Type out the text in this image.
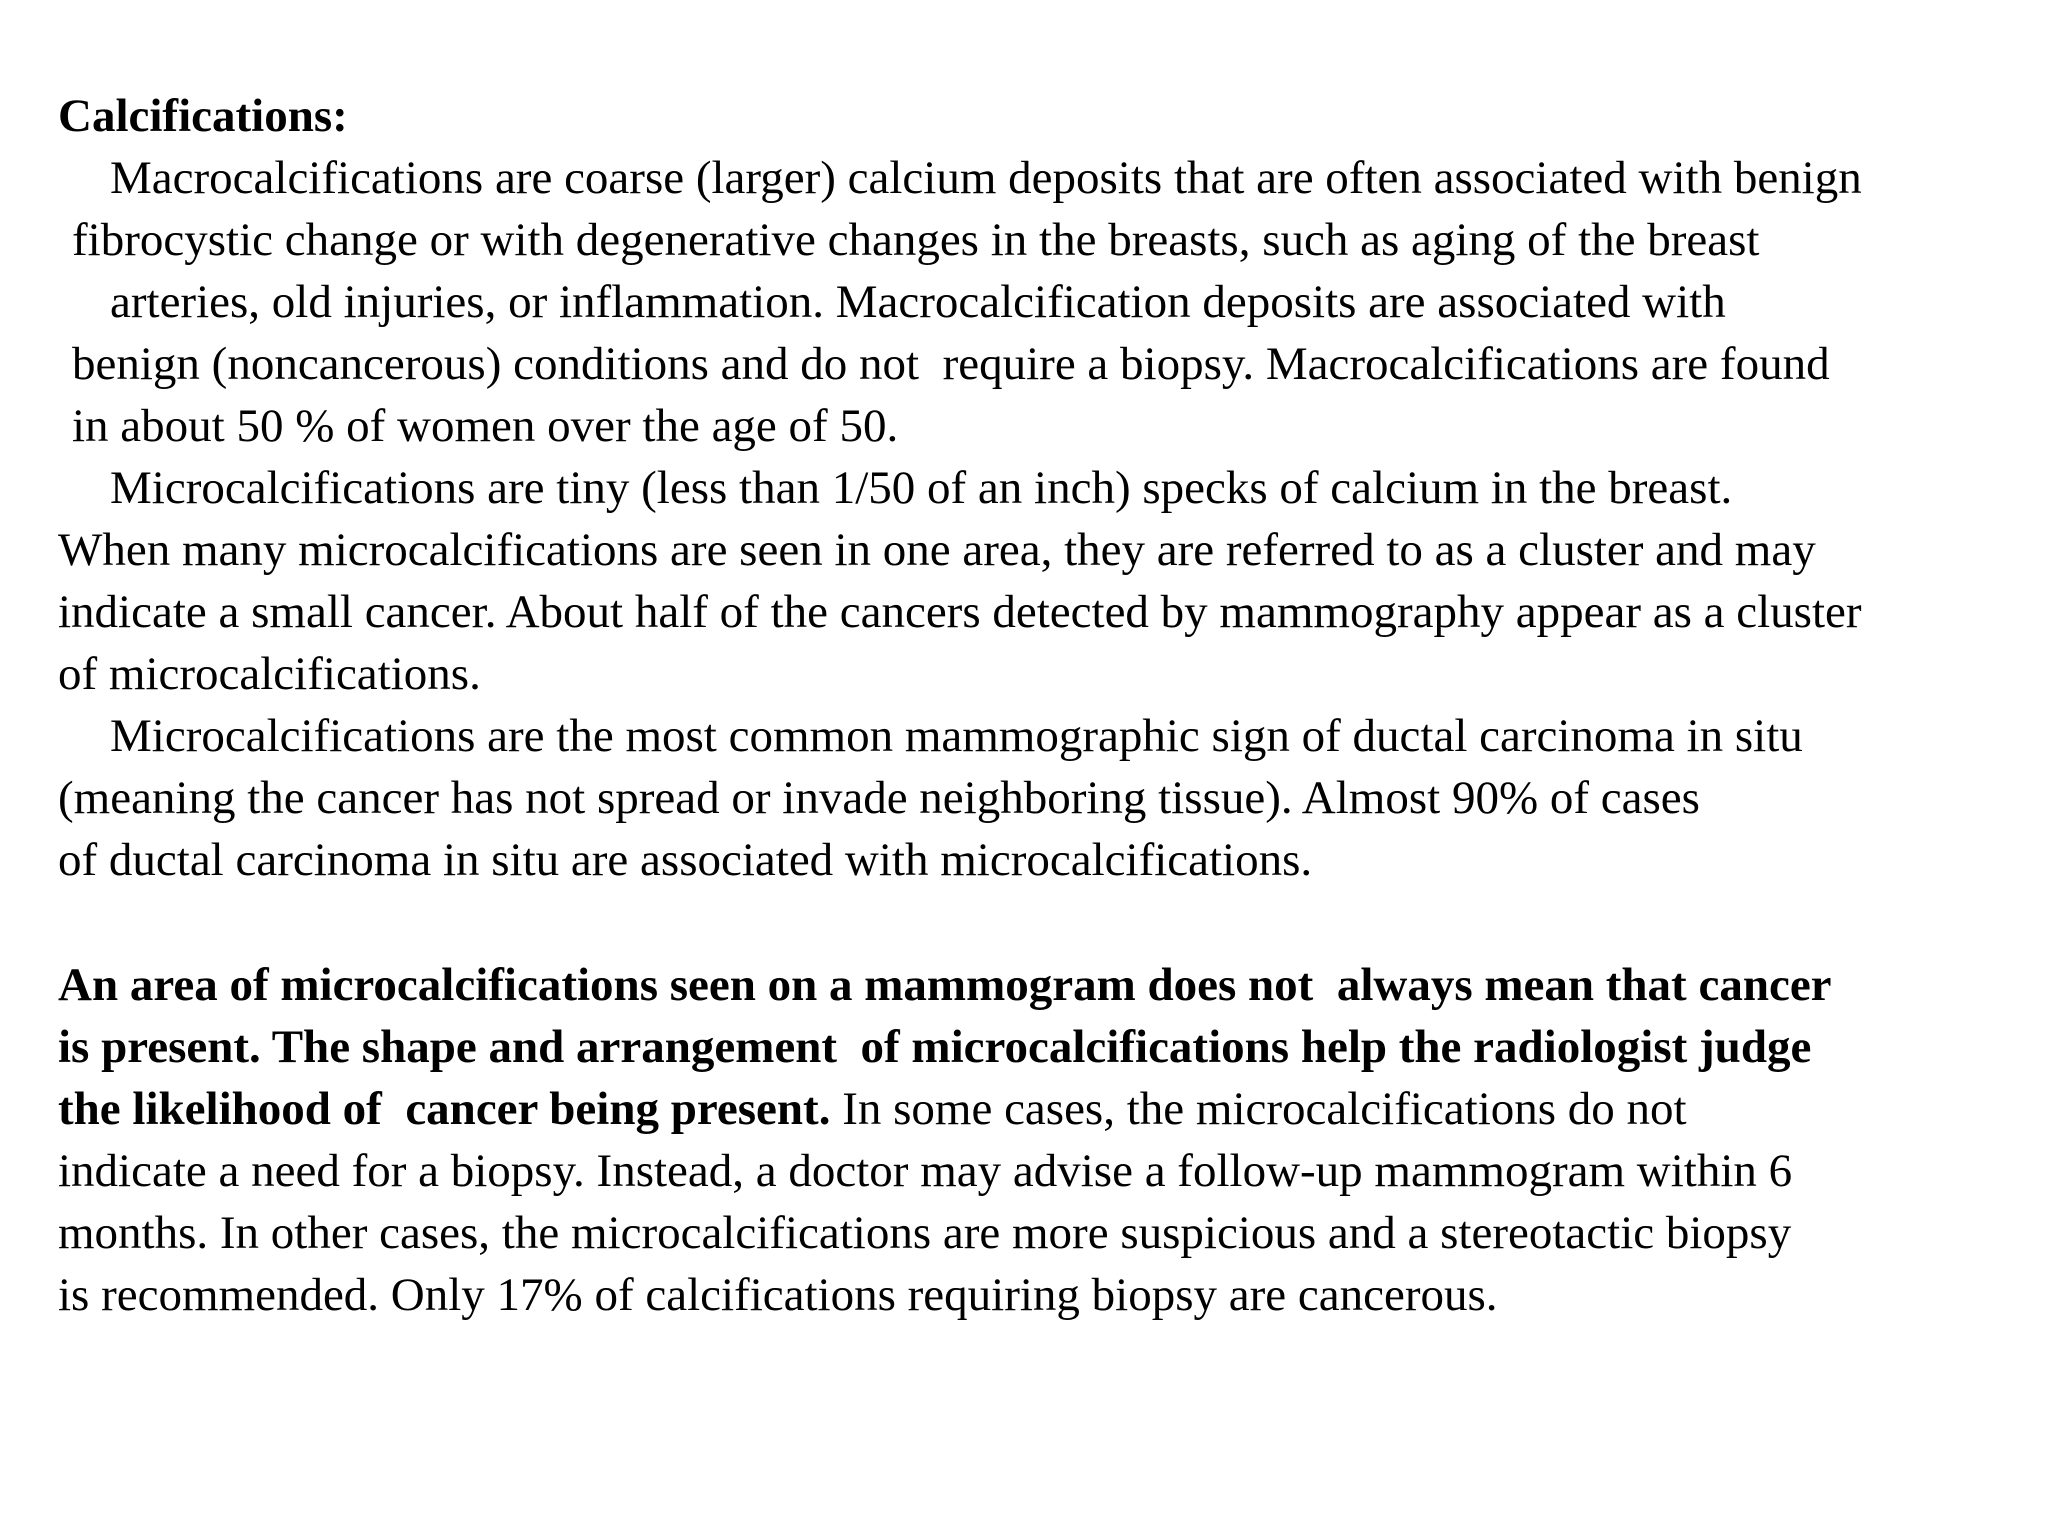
Calcifications:
Macrocalcifications are coarse (larger) calcium deposits that are often associated with benign
fibrocystic change or with degenerative changes in the breasts, such as aging of the breast
arteries, old injuries, or inflammation. Macrocalcification deposits are associated with
benign (noncancerous) conditions and do not  require a biopsy. Macrocalcifications are found
in about 50 % of women over the age of 50.
Microcalcifications are tiny (less than 1/50 of an inch) specks of calcium in the breast.
When many microcalcifications are seen in one area, they are referred to as a cluster and may
indicate a small cancer. About half of the cancers detected by mammography appear as a cluster
of microcalcifications.
Microcalcifications are the most common mammographic sign of ductal carcinoma in situ
(meaning the cancer has not spread or invade neighboring tissue). Almost 90% of cases
of ductal carcinoma in situ are associated with microcalcifications.
An area of microcalcifications seen on a mammogram does not  always mean that cancer
is present. The shape and arrangement  of microcalcifications help the radiologist judge
the likelihood of  cancer being present. In some cases, the microcalcifications do not
indicate a need for a biopsy. Instead, a doctor may advise a follow-up mammogram within 6
months. In other cases, the microcalcifications are more suspicious and a stereotactic biopsy
is recommended. Only 17% of calcifications requiring biopsy are cancerous.
